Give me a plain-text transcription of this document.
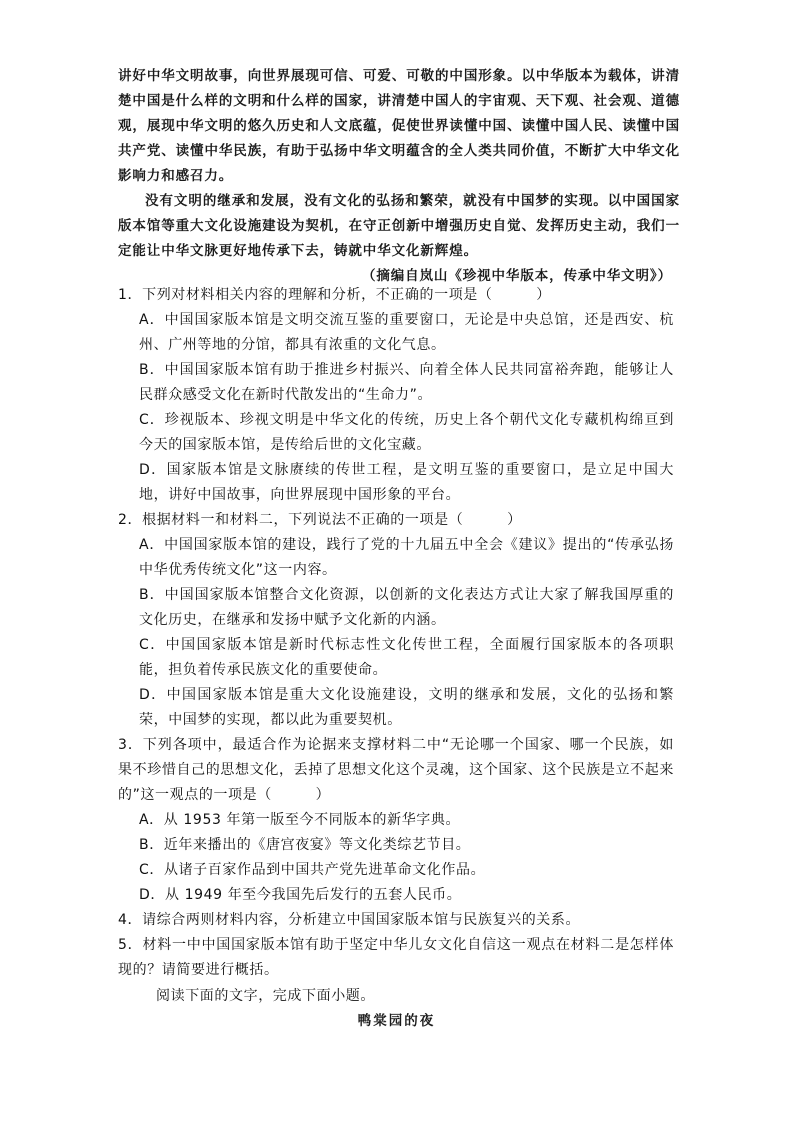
讲好中华文明故事，向世界展现可信、可爱、可敬的中国形象。以中华版本为载体，讲清楚中国是什么样的文明和什么样的国家，讲清楚中国人的宇宙观、天下观、社会观、道德观，展现中华文明的悠久历史和人文底蕴，促使世界读懂中国、读懂中国人民、读懂中国共产党、读懂中华民族，有助于弘扬中华文明蕴含的全人类共同价值，不断扩大中华文化影响力和感召力。

没有文明的继承和发展，没有文化的弘扬和繁荣，就没有中国梦的实现。以中国国家版本馆等重大文化设施建设为契机，在守正创新中增强历史自觉、发挥历史主动，我们一定能让中华文脉更好地传承下去，铸就中华文化新辉煌。

（摘编自岚山《珍视中华版本，传承中华文明》）

1．下列对材料相关内容的理解和分析，不正确的一项是（　　　）

A．中国国家版本馆是文明交流互鉴的重要窗口，无论是中央总馆，还是西安、杭州、广州等地的分馆，都具有浓重的文化气息。

B．中国国家版本馆有助于推进乡村振兴、向着全体人民共同富裕奔跑，能够让人民群众感受文化在新时代散发出的“生命力”。

C．珍视版本、珍视文明是中华文化的传统，历史上各个朝代文化专藏机构绵亘到今天的国家版本馆，是传给后世的文化宝藏。

D．国家版本馆是文脉赓续的传世工程，是文明互鉴的重要窗口，是立足中国大地，讲好中国故事，向世界展现中国形象的平台。

2．根据材料一和材料二，下列说法不正确的一项是（　　　）

A．中国国家版本馆的建设，践行了党的十九届五中全会《建议》提出的“传承弘扬中华优秀传统文化”这一内容。

B．中国国家版本馆整合文化资源，以创新的文化表达方式让大家了解我国厚重的文化历史，在继承和发扬中赋予文化新的内涵。

C．中国国家版本馆是新时代标志性文化传世工程，全面履行国家版本的各项职能，担负着传承民族文化的重要使命。

D．中国国家版本馆是重大文化设施建设，文明的继承和发展，文化的弘扬和繁荣，中国梦的实现，都以此为重要契机。

3．下列各项中，最适合作为论据来支撑材料二中“无论哪一个国家、哪一个民族，如果不珍惜自己的思想文化，丢掉了思想文化这个灵魂，这个国家、这个民族是立不起来的”这一观点的一项是（　　　）

A．从 1953 年第一版至今不同版本的新华字典。

B．近年来播出的《唐宫夜宴》等文化类综艺节目。

C．从诸子百家作品到中国共产党先进革命文化作品。

D．从 1949 年至今我国先后发行的五套人民币。

4．请综合两则材料内容，分析建立中国国家版本馆与民族复兴的关系。

5．材料一中中国国家版本馆有助于坚定中华儿女文化自信这一观点在材料二是怎样体现的？请简要进行概括。

阅读下面的文字，完成下面小题。
鸭棠园的夜
